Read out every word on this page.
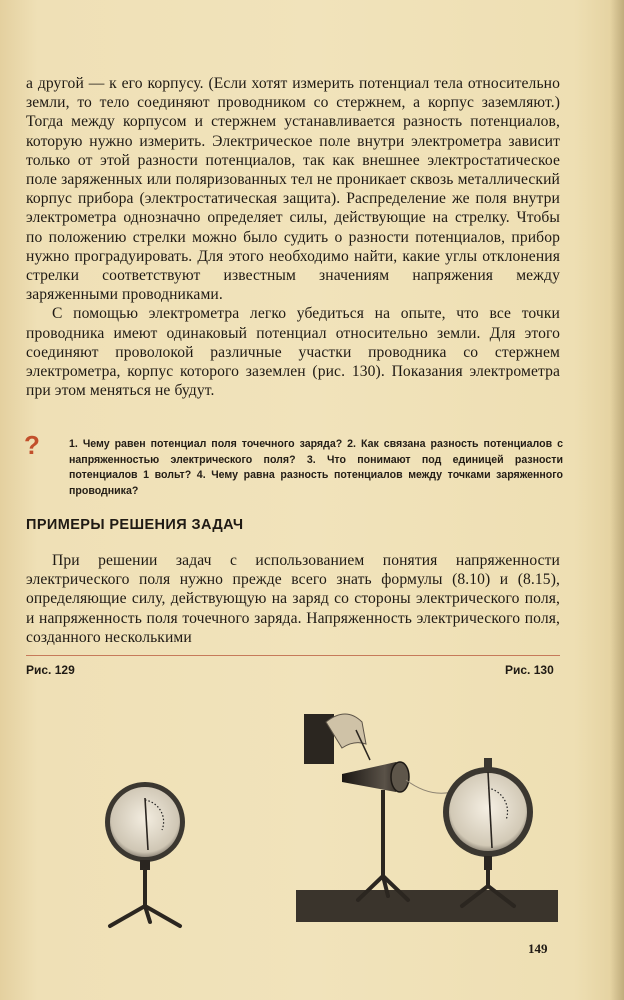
а другой — к его корпусу. (Если хотят измерить потенциал тела относительно земли, то тело соединяют проводником со стержнем, а корпус заземляют.) Тогда между корпусом и стержнем устанавливается разность потенциалов, которую нужно измерить. Электрическое поле внутри электрометра зависит только от этой разности потенциалов, так как внешнее электростатическое поле заряженных или поляризованных тел не проникает сквозь металлический корпус прибора (электростатическая защита). Распределение же поля внутри электрометра однозначно определяет силы, действующие на стрелку. Чтобы по положению стрелки можно было судить о разности потенциалов, прибор нужно проградуировать. Для этого необходимо найти, какие углы отклонения стрелки соответствуют известным значениям напряжения между заряженными проводниками.

С помощью электрометра легко убедиться на опыте, что все точки проводника имеют одинаковый потенциал относительно земли. Для этого соединяют проволокой различные участки проводника со стержнем электрометра, корпус которого заземлен (рис. 130). Показания электрометра при этом меняться не будут.

?	1. Чему равен потенциал поля точечного заряда? 2. Как связана разность потенциалов с напряженностью электрического поля? 3. Что понимают под единицей разности потенциалов 1 вольт? 4. Чему равна разность потенциалов между точками заряженного проводника?
ПРИМЕРЫ РЕШЕНИЯ ЗАДАЧ

При решении задач с использованием понятия напряженности электрического поля нужно прежде всего знать формулы (8.10) и (8.15), определяющие силу, действующую на заряд со стороны электрического поля, и напряженность поля точечного заряда. Напряженность электрического поля, созданного несколькими

Рис. 129	Рис. 130
149
